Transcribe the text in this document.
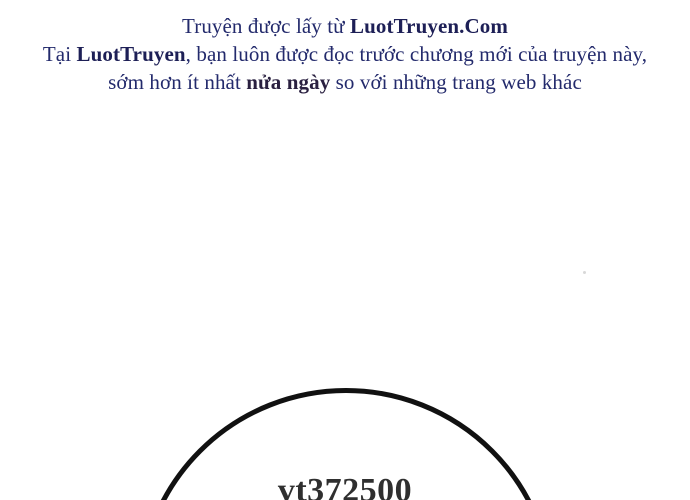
Truyện được lấy từ LuotTruyen.Com
Tại LuotTruyen, bạn luôn được đọc trước chương mới của truyện này,
sớm hơn ít nhất nửa ngày so với những trang web khác
vt372500
